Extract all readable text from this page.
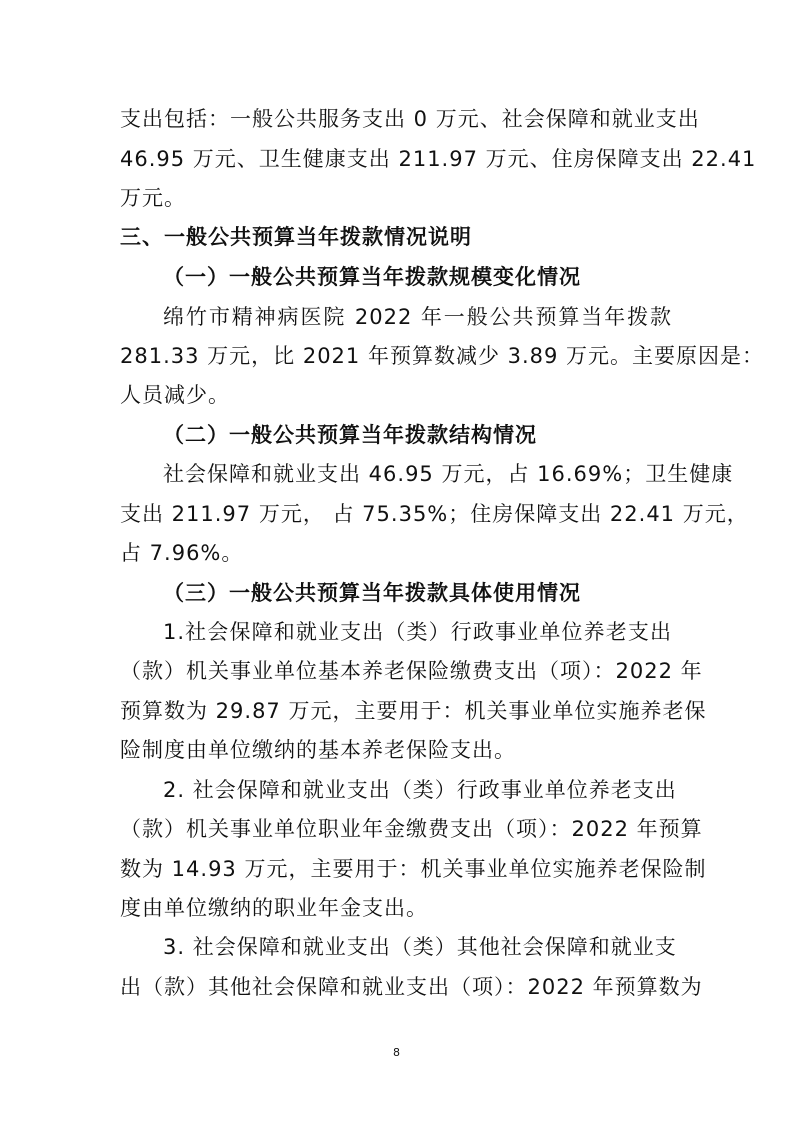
支出包括：一般公共服务支出 0 万元、社会保障和就业支出
46.95 万元、卫生健康支出 211.97 万元、住房保障支出 22.41
万元。
三、一般公共预算当年拨款情况说明
（一）一般公共预算当年拨款规模变化情况
绵竹市精神病医院 2022 年一般公共预算当年拨款
281.33 万元，比 2021 年预算数减少 3.89 万元。主要原因是：
人员减少。
（二）一般公共预算当年拨款结构情况
社会保障和就业支出 46.95 万元，占 16.69%；卫生健康
支出 211.97 万元， 占 75.35%；住房保障支出 22.41 万元，
占 7.96%。
（三）一般公共预算当年拨款具体使用情况
1.社会保障和就业支出（类）行政事业单位养老支出
（款）机关事业单位基本养老保险缴费支出（项）：2022 年
预算数为 29.87 万元，主要用于：机关事业单位实施养老保
险制度由单位缴纳的基本养老保险支出。
2. 社会保障和就业支出（类）行政事业单位养老支出
（款）机关事业单位职业年金缴费支出（项）：2022 年预算
数为 14.93 万元，主要用于：机关事业单位实施养老保险制
度由单位缴纳的职业年金支出。
3. 社会保障和就业支出（类）其他社会保障和就业支
出（款）其他社会保障和就业支出（项）：2022 年预算数为
8
